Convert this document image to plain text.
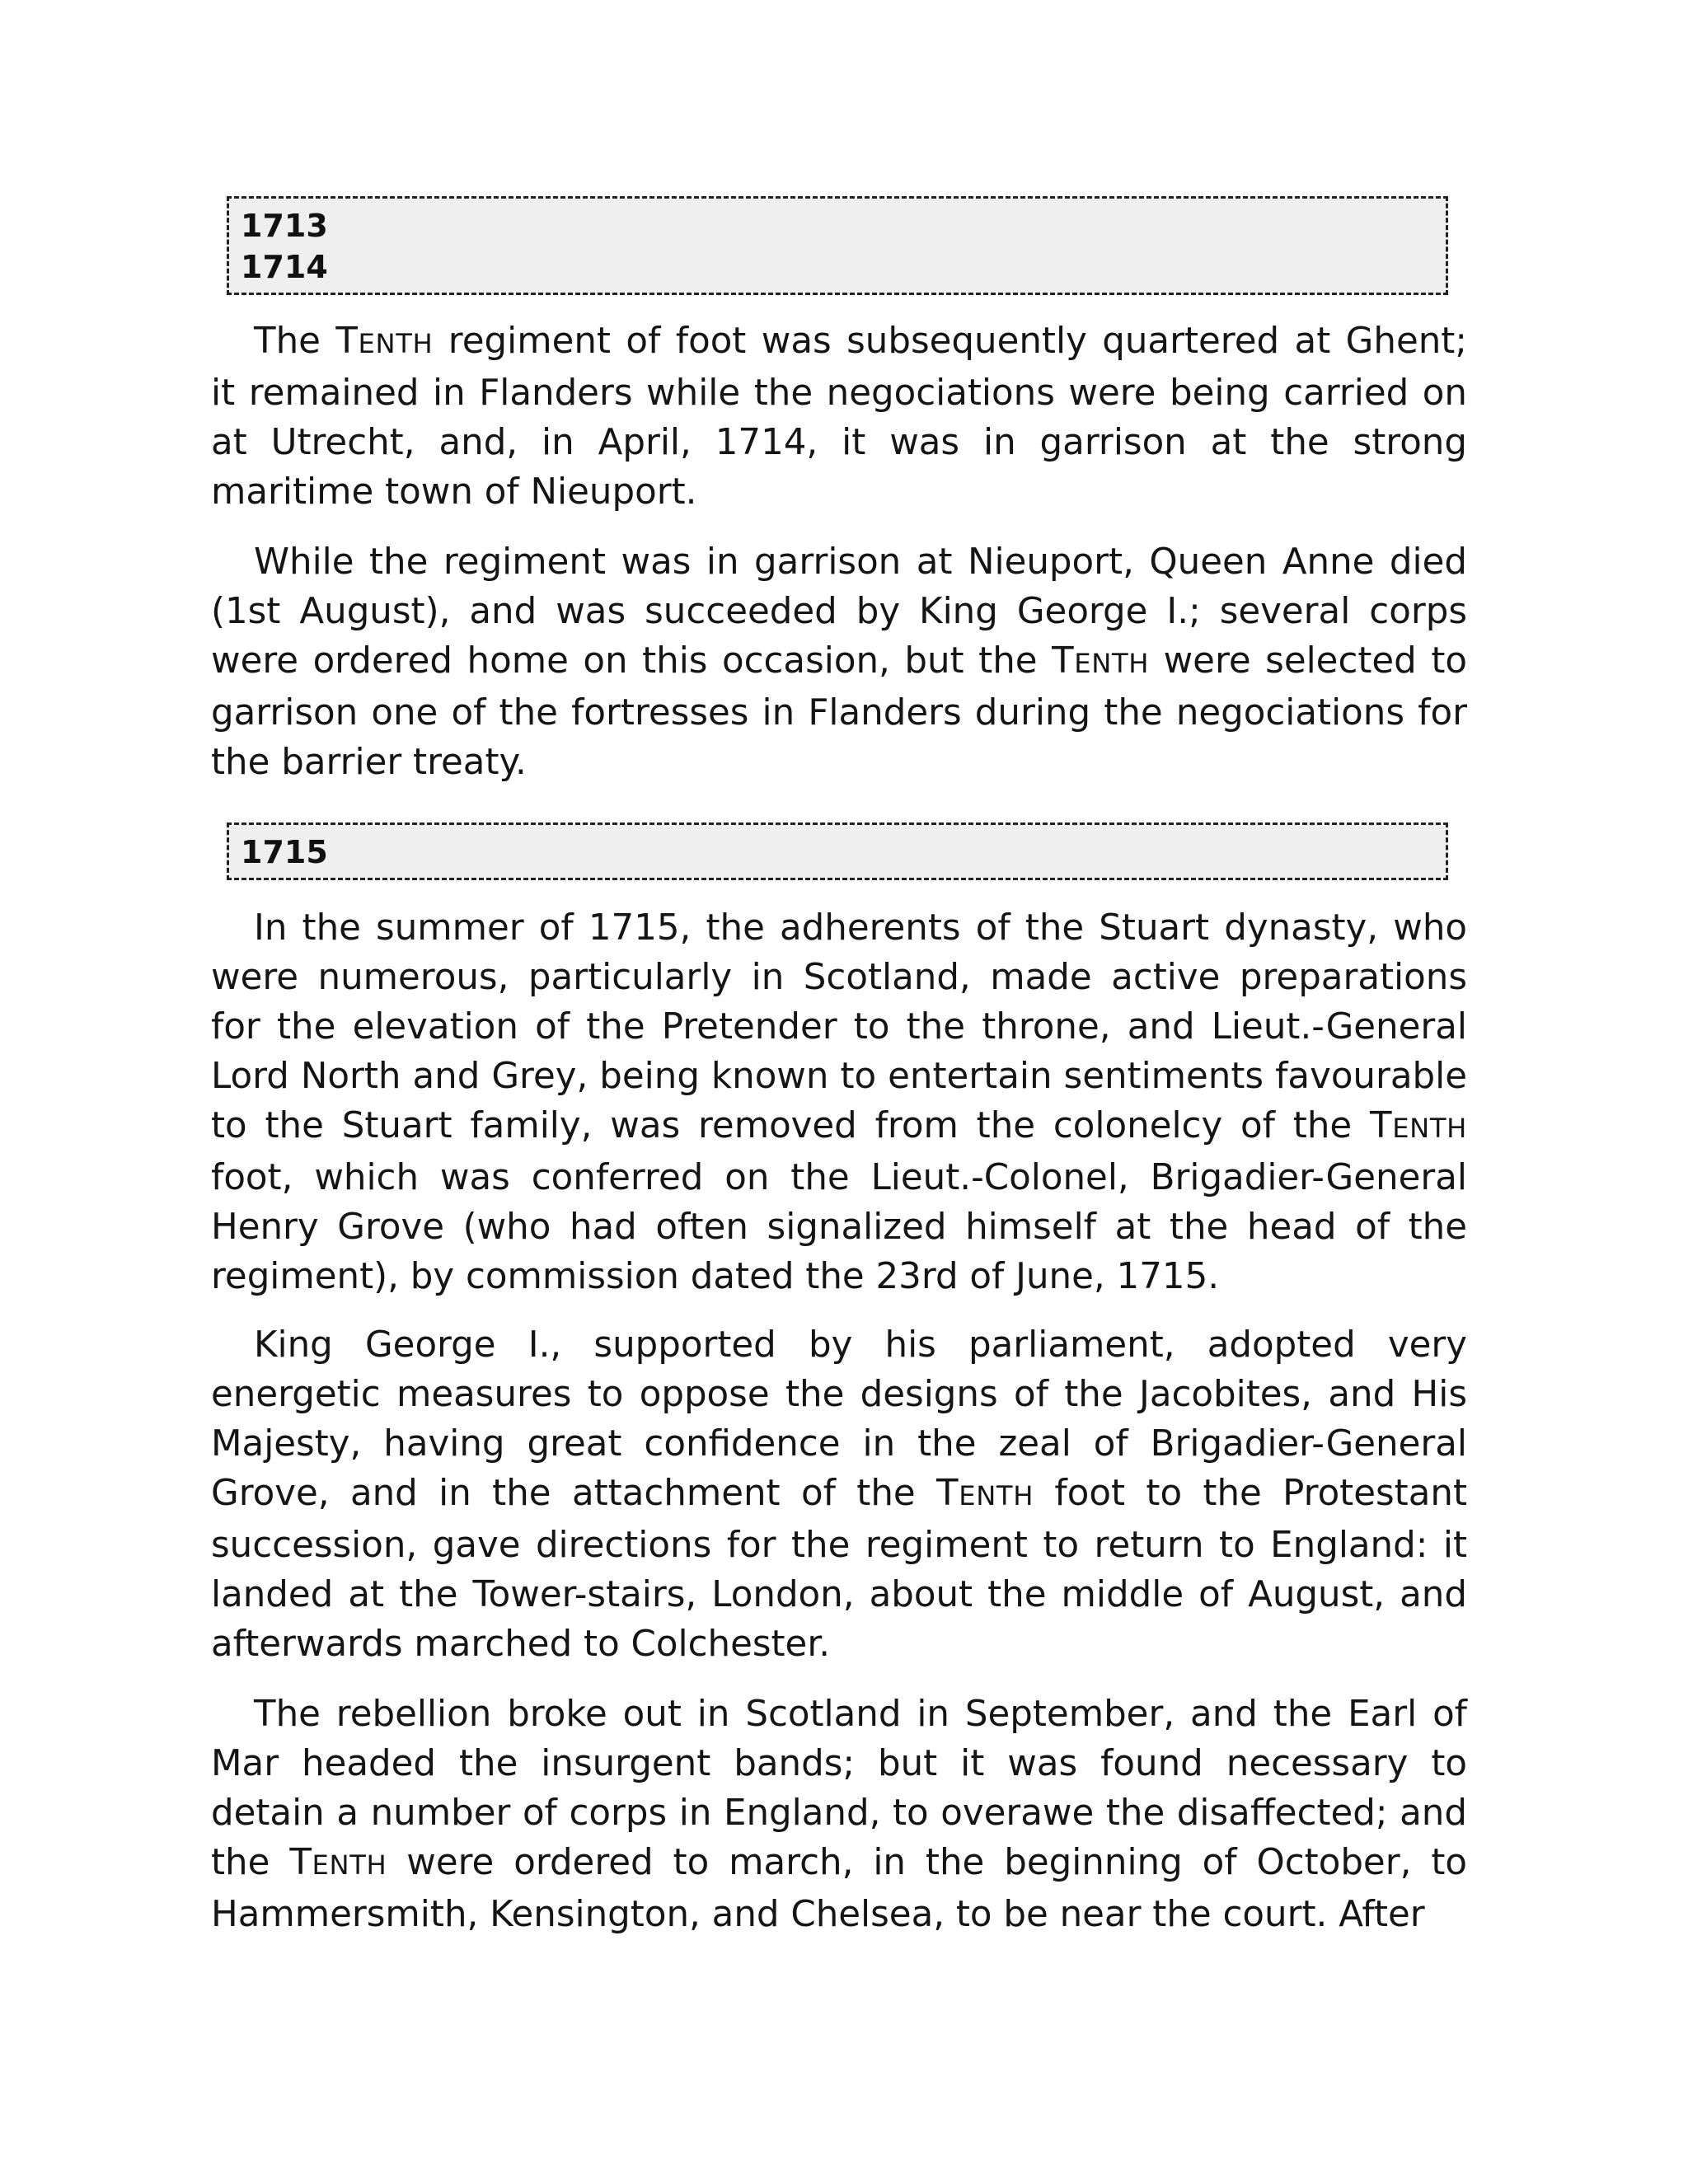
1713
1714

The TENTH regiment of foot was subsequently quartered at Ghent; it remained in Flanders while the negociations were being carried on at Utrecht, and, in April, 1714, it was in garrison at the strong maritime town of Nieuport.

While the regiment was in garrison at Nieuport, Queen Anne died (1st August), and was succeeded by King George I.; several corps were ordered home on this occasion, but the TENTH were selected to garrison one of the fortresses in Flanders during the negociations for the barrier treaty.

1715

In the summer of 1715, the adherents of the Stuart dynasty, who were numerous, particularly in Scotland, made active preparations for the elevation of the Pretender to the throne, and Lieut.-General Lord North and Grey, being known to entertain sentiments favourable to the Stuart family, was removed from the colonelcy of the TENTH foot, which was conferred on the Lieut.-Colonel, Brigadier-General Henry Grove (who had often signalized himself at the head of the regiment), by commission dated the 23rd of June, 1715.

King George I., supported by his parliament, adopted very energetic measures to oppose the designs of the Jacobites, and His Majesty, having great confidence in the zeal of Brigadier-General Grove, and in the attachment of the TENTH foot to the Protestant succession, gave directions for the regiment to return to England: it landed at the Tower-stairs, London, about the middle of August, and afterwards marched to Colchester.

The rebellion broke out in Scotland in September, and the Earl of Mar headed the insurgent bands; but it was found necessary to detain a number of corps in England, to overawe the disaffected; and the TENTH were ordered to march, in the beginning of October, to Hammersmith, Kensington, and Chelsea, to be near the court. After
